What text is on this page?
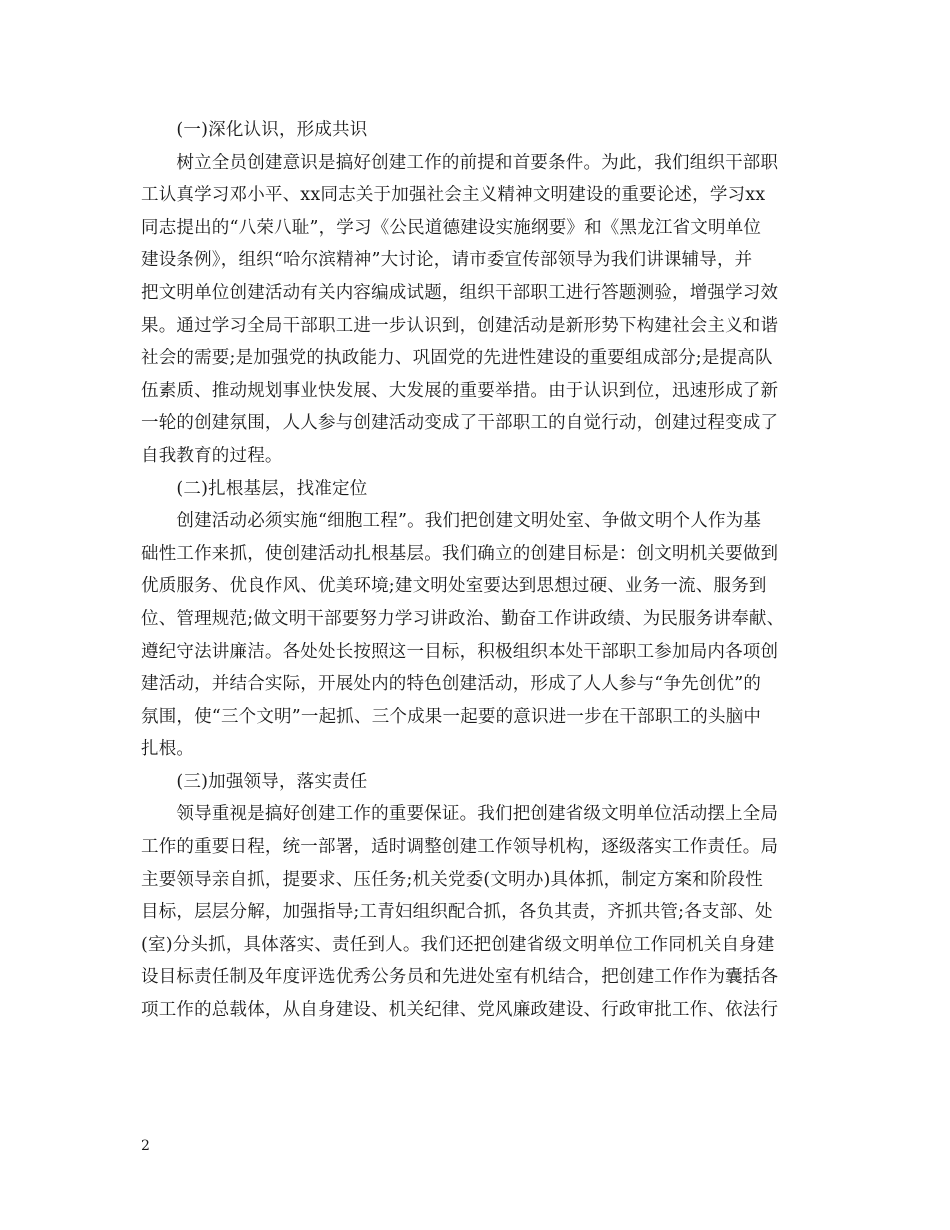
　　(一)深化认识，形成共识
　　树立全员创建意识是搞好创建工作的前提和首要条件。为此，我们组织干部职
工认真学习邓小平、xx同志关于加强社会主义精神文明建设的重要论述，学习xx
同志提出的“八荣八耻”，学习《公民道德建设实施纲要》和《黑龙江省文明单位
建设条例》，组织“哈尔滨精神”大讨论，请市委宣传部领导为我们讲课辅导，并
把文明单位创建活动有关内容编成试题，组织干部职工进行答题测验，增强学习效
果。通过学习全局干部职工进一步认识到，创建活动是新形势下构建社会主义和谐
社会的需要;是加强党的执政能力、巩固党的先进性建设的重要组成部分;是提高队
伍素质、推动规划事业快发展、大发展的重要举措。由于认识到位，迅速形成了新
一轮的创建氛围，人人参与创建活动变成了干部职工的自觉行动，创建过程变成了
自我教育的过程。
　　(二)扎根基层，找准定位
　　创建活动必须实施“细胞工程”。我们把创建文明处室、争做文明个人作为基
础性工作来抓，使创建活动扎根基层。我们确立的创建目标是：创文明机关要做到
优质服务、优良作风、优美环境;建文明处室要达到思想过硬、业务一流、服务到
位、管理规范;做文明干部要努力学习讲政治、勤奋工作讲政绩、为民服务讲奉献、
遵纪守法讲廉洁。各处处长按照这一目标，积极组织本处干部职工参加局内各项创
建活动，并结合实际，开展处内的特色创建活动，形成了人人参与“争先创优”的
氛围，使“三个文明”一起抓、三个成果一起要的意识进一步在干部职工的头脑中
扎根。
　　(三)加强领导，落实责任
　　领导重视是搞好创建工作的重要保证。我们把创建省级文明单位活动摆上全局
工作的重要日程，统一部署，适时调整创建工作领导机构，逐级落实工作责任。局
主要领导亲自抓，提要求、压任务;机关党委(文明办)具体抓，制定方案和阶段性
目标，层层分解，加强指导;工青妇组织配合抓，各负其责，齐抓共管;各支部、处
(室)分头抓，具体落实、责任到人。我们还把创建省级文明单位工作同机关自身建
设目标责任制及年度评选优秀公务员和先进处室有机结合，把创建工作作为囊括各
项工作的总载体，从自身建设、机关纪律、党风廉政建设、行政审批工作、依法行
2
